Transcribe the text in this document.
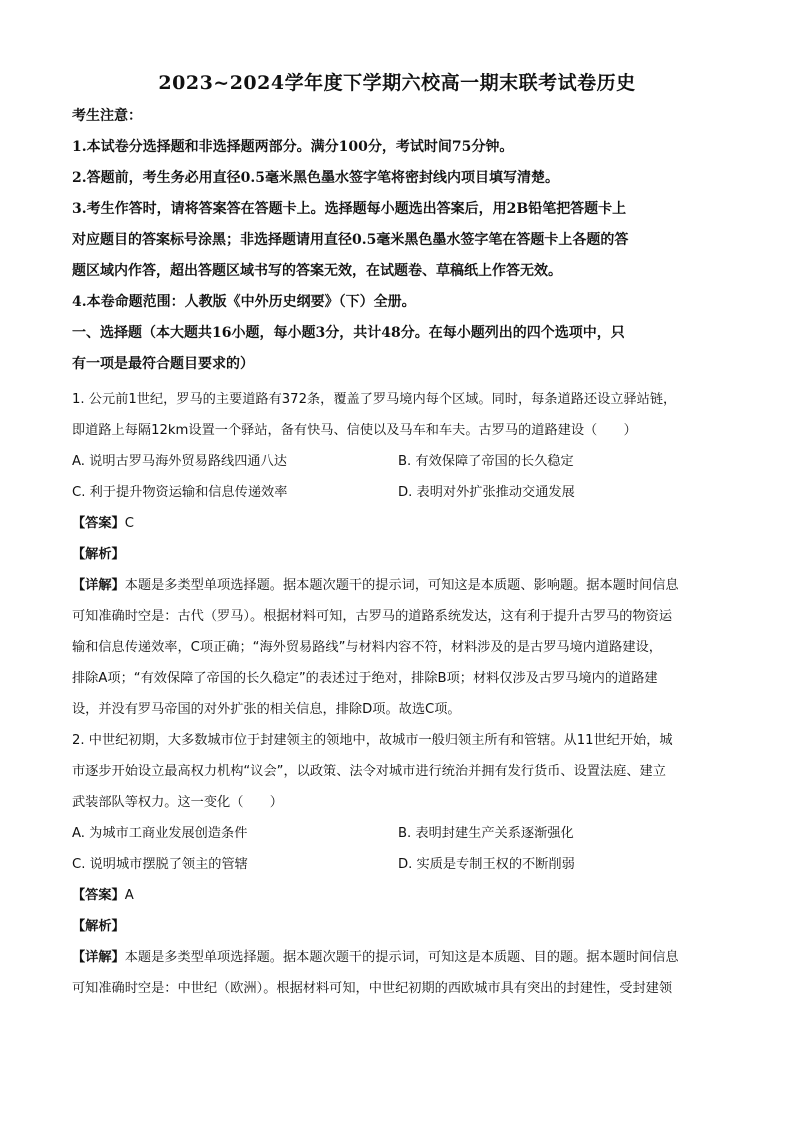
2023~2024学年度下学期六校高一期末联考试卷历史
考生注意：
1.本试卷分选择题和非选择题两部分。满分100分，考试时间75分钟。
2.答题前，考生务必用直径0.5毫米黑色墨水签字笔将密封线内项目填写清楚。
3.考生作答时，请将答案答在答题卡上。选择题每小题选出答案后，用2B铅笔把答题卡上
对应题目的答案标号涂黑；非选择题请用直径0.5毫米黑色墨水签字笔在答题卡上各题的答
题区域内作答，超出答题区域书写的答案无效，在试题卷、草稿纸上作答无效。
4.本卷命题范围：人教版《中外历史纲要》（下）全册。
一、选择题（本大题共16小题，每小题3分，共计48分。在每小题列出的四个选项中，只
有一项是最符合题目要求的）
1. 公元前1世纪，罗马的主要道路有372条，覆盖了罗马境内每个区域。同时，每条道路还设立驿站链，
即道路上每隔12km设置一个驿站，备有快马、信使以及马车和车夫。古罗马的道路建设（　　）
A. 说明古罗马海外贸易路线四通八达	B. 有效保障了帝国的长久稳定
C. 利于提升物资运输和信息传递效率	D. 表明对外扩张推动交通发展
【答案】C
【解析】
【详解】本题是多类型单项选择题。据本题次题干的提示词，可知这是本质题、影响题。据本题时间信息
可知准确时空是：古代（罗马）。根据材料可知，古罗马的道路系统发达，这有利于提升古罗马的物资运
输和信息传递效率，C项正确；“海外贸易路线”与材料内容不符，材料涉及的是古罗马境内道路建设，
排除A项；“有效保障了帝国的长久稳定”的表述过于绝对，排除B项；材料仅涉及古罗马境内的道路建
设，并没有罗马帝国的对外扩张的相关信息，排除D项。故选C项。
2. 中世纪初期，大多数城市位于封建领主的领地中，故城市一般归领主所有和管辖。从11世纪开始，城
市逐步开始设立最高权力机构“议会”，以政策、法令对城市进行统治并拥有发行货币、设置法庭、建立
武装部队等权力。这一变化（　　）
A. 为城市工商业发展创造条件	B. 表明封建生产关系逐渐强化
C. 说明城市摆脱了领主的管辖	D. 实质是专制王权的不断削弱
【答案】A
【解析】
【详解】本题是多类型单项选择题。据本题次题干的提示词，可知这是本质题、目的题。据本题时间信息
可知准确时空是：中世纪（欧洲）。根据材料可知，中世纪初期的西欧城市具有突出的封建性，受封建领
